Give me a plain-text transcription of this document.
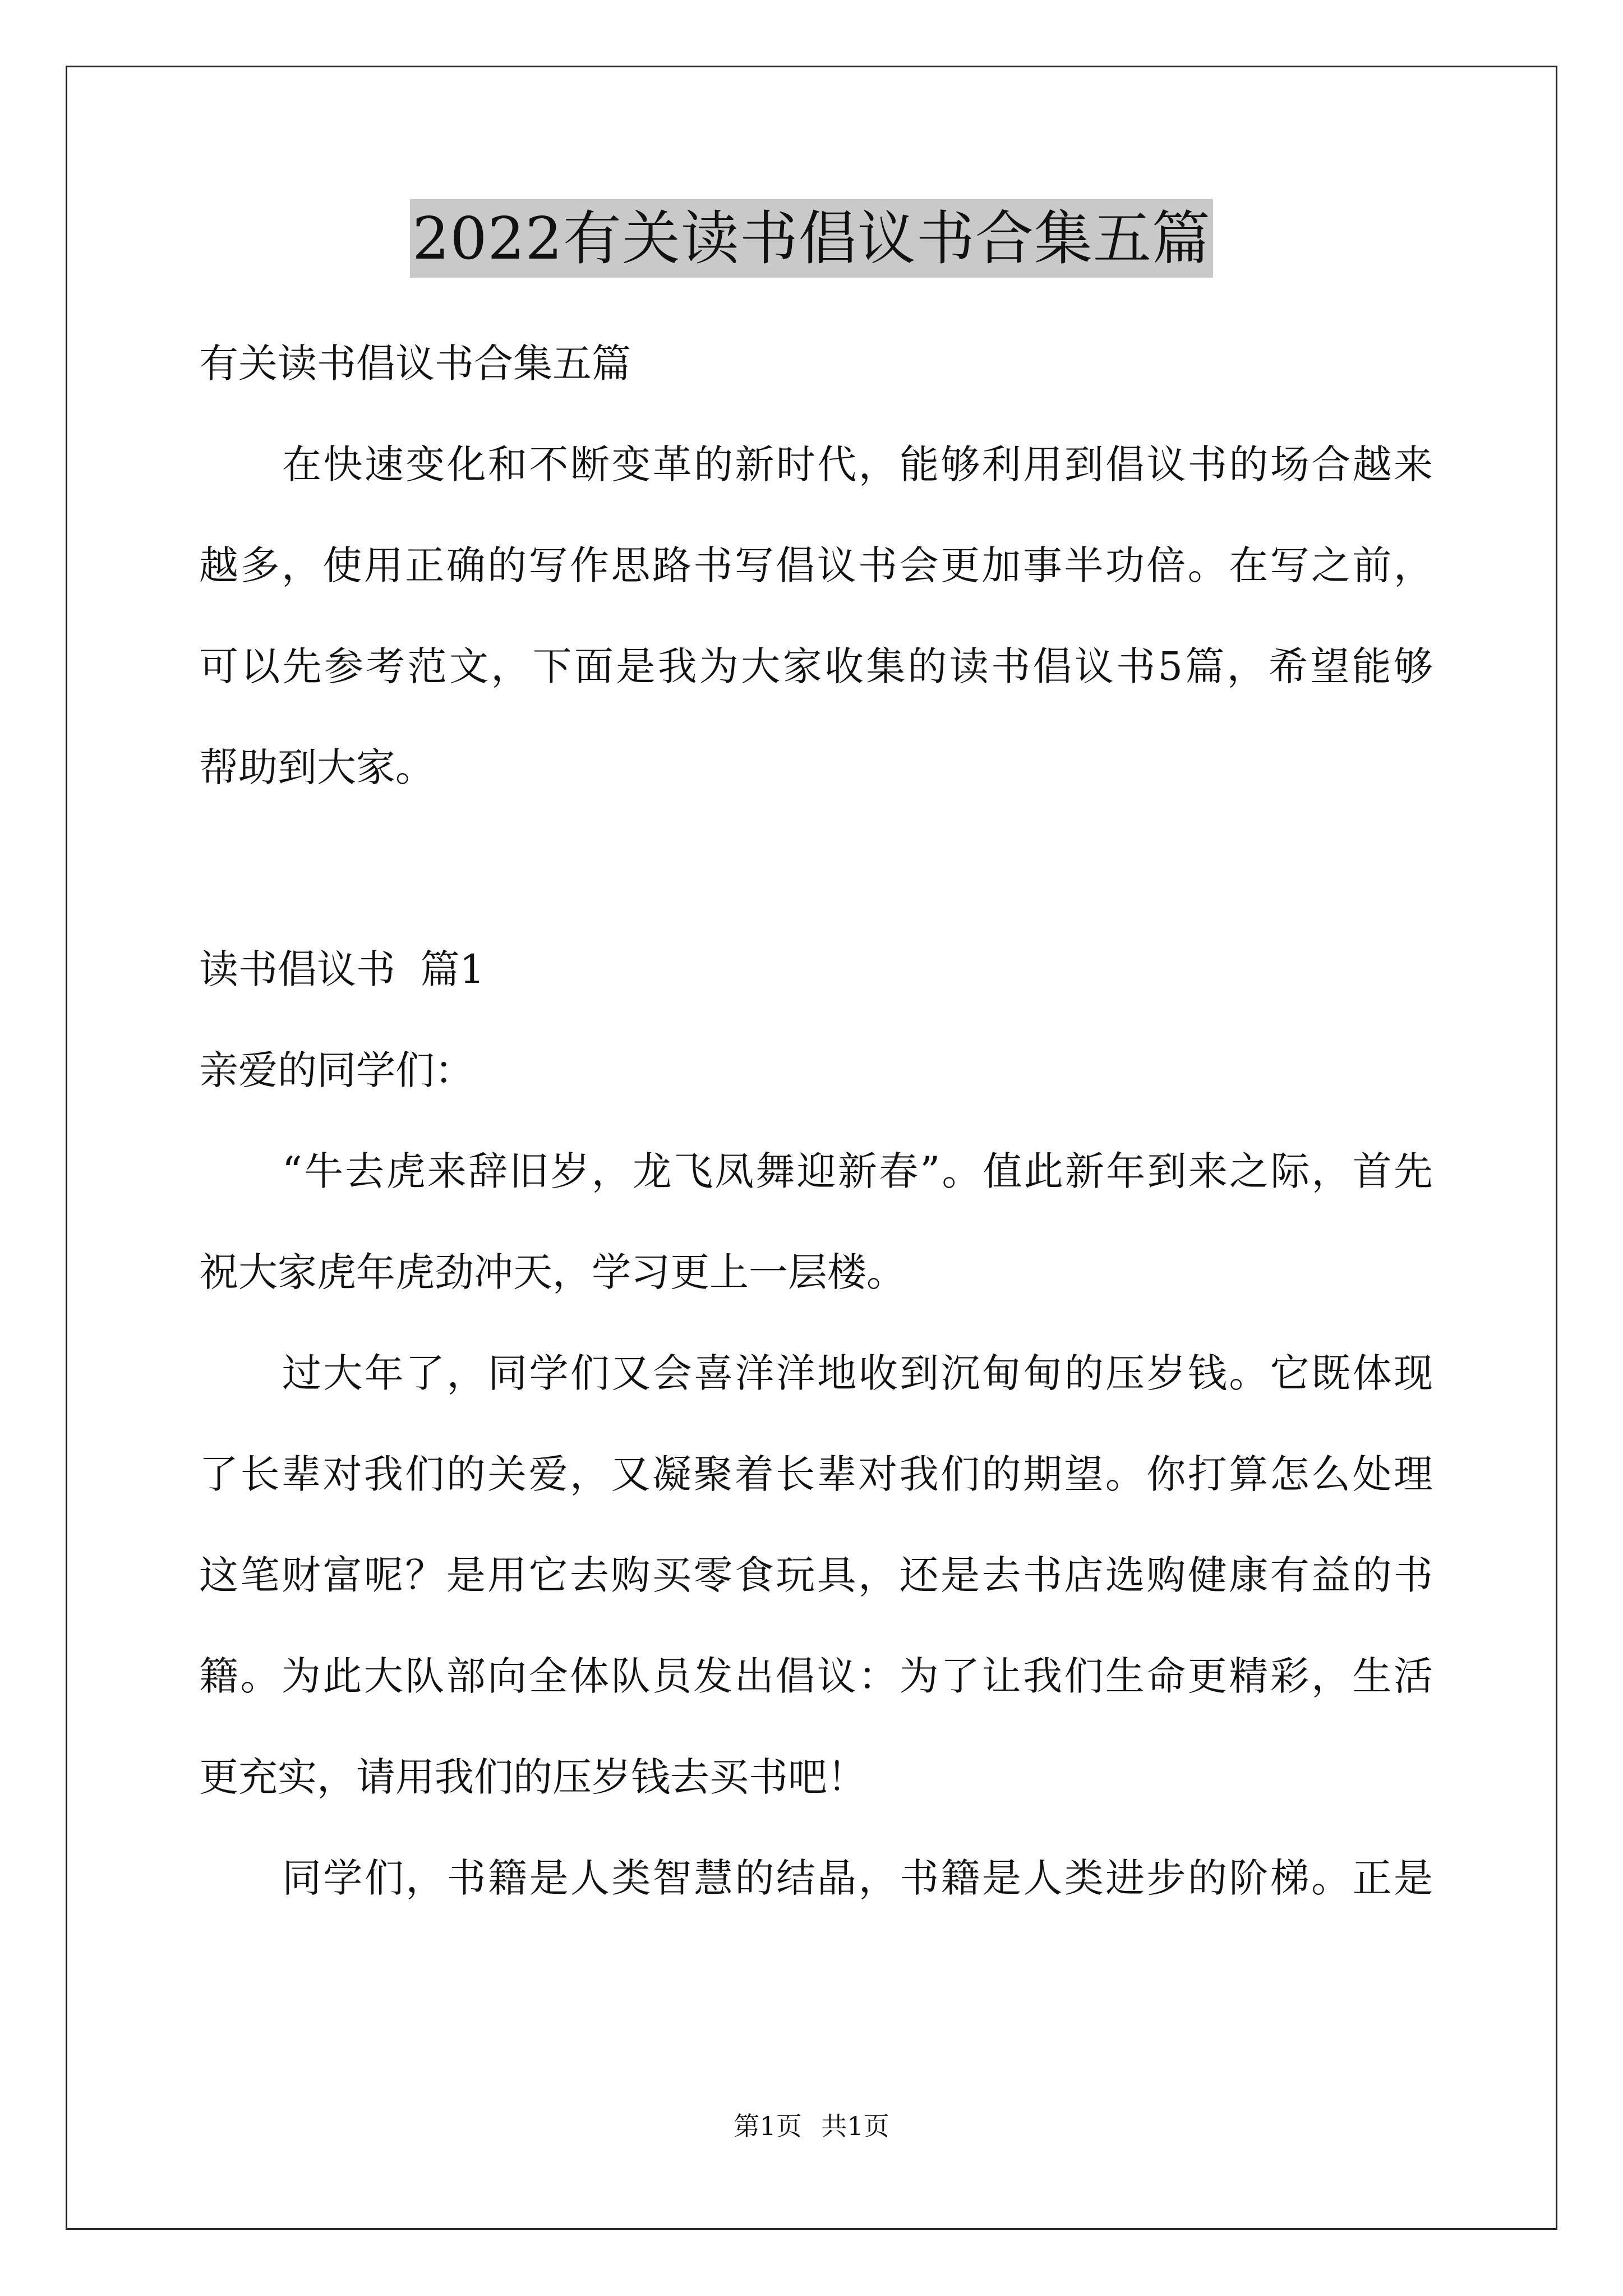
2022有关读书倡议书合集五篇
有关读书倡议书合集五篇
在快速变化和不断变革的新时代，能够利用到倡议书的场合越来
越多，使用正确的写作思路书写倡议书会更加事半功倍。在写之前，
可以先参考范文，下面是我为大家收集的读书倡议书5篇，希望能够
帮助到大家。
读书倡议书  篇1
亲爱的同学们：
“牛去虎来辞旧岁，龙飞凤舞迎新春”。值此新年到来之际，首先
祝大家虎年虎劲冲天，学习更上一层楼。
过大年了，同学们又会喜洋洋地收到沉甸甸的压岁钱。它既体现
了长辈对我们的关爱，又凝聚着长辈对我们的期望。你打算怎么处理
这笔财富呢？是用它去购买零食玩具，还是去书店选购健康有益的书
籍。为此大队部向全体队员发出倡议：为了让我们生命更精彩，生活
更充实，请用我们的压岁钱去买书吧！
同学们，书籍是人类智慧的结晶，书籍是人类进步的阶梯。正是
第1页 共1页
